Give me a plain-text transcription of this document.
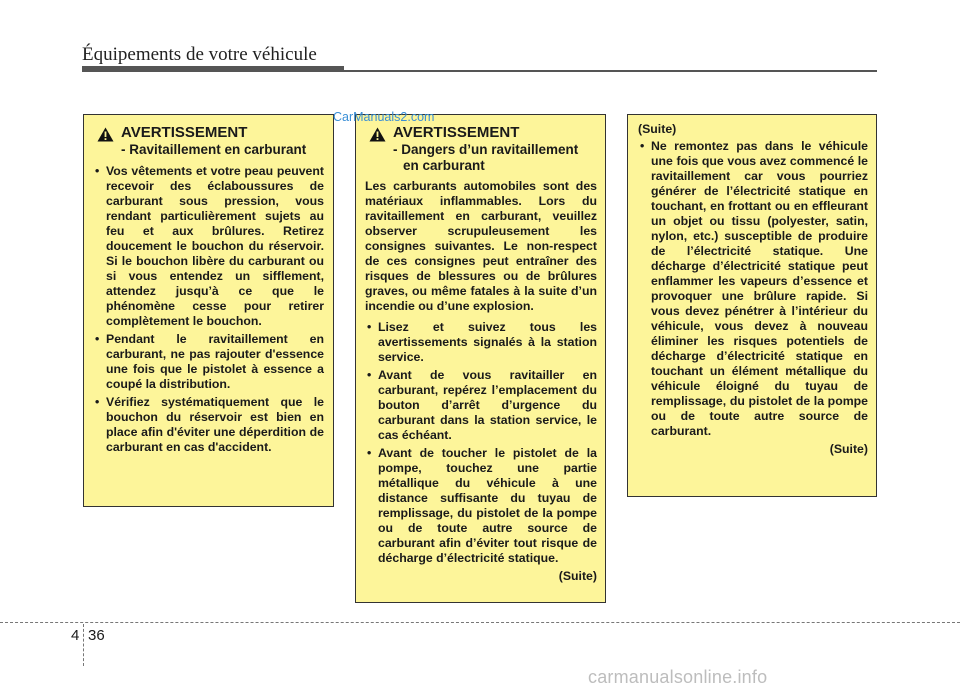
Équipements de votre véhicule
AVERTISSEMENT
- Ravitaillement en carburant
• Vos vêtements et votre peau peuvent recevoir des éclaboussures de carburant sous pression, vous rendant particulièrement sujets au feu et aux brûlures. Retirez doucement le bouchon du réservoir. Si le bouchon libère du carburant ou si vous entendez un sifflement, attendez jusqu’à ce que le phénomène cesse pour retirer complètement le bouchon.
• Pendant le ravitaillement en carburant, ne pas rajouter d'essence une fois que le pistolet à essence a coupé la distribution.
• Vérifiez systématiquement que le bouchon du réservoir est bien en place afin d'éviter une déperdition de carburant en cas d'accident.
AVERTISSEMENT
- Dangers d’un ravitaillement en carburant
Les carburants automobiles sont des matériaux inflammables. Lors du ravitaillement en carburant, veuillez observer scrupuleusement les consignes suivantes. Le non-respect de ces consignes peut entraîner des risques de blessures ou de brûlures graves, ou même fatales à la suite d’un incendie ou d’une explosion.
• Lisez et suivez tous les avertissements signalés à la station service.
• Avant de vous ravitailler en carburant, repérez l’emplacement du bouton d’arrêt d’urgence du carburant dans la station service, le cas échéant.
• Avant de toucher le pistolet de la pompe, touchez une partie métallique du véhicule à une distance suffisante du tuyau de remplissage, du pistolet de la pompe ou de toute autre source de carburant afin d’éviter tout risque de décharge d’électricité statique.
(Suite)
(Suite)
• Ne remontez pas dans le véhicule une fois que vous avez commencé le ravitaillement car vous pourriez générer de l’électricité statique en touchant, en frottant ou en effleurant un objet ou tissu (polyester, satin, nylon, etc.) susceptible de produire de l’électricité statique. Une décharge d’électricité statique peut enflammer les vapeurs d’essence et provoquer une brûlure rapide. Si vous devez pénétrer à l’intérieur du véhicule, vous devez à nouveau éliminer les risques potentiels de décharge d’électricité statique en touchant un élément métallique du véhicule éloigné du tuyau de remplissage, du pistolet de la pompe ou de toute autre source de carburant.
(Suite)
CarManuals2.com
4 36
carmanualsonline.info
